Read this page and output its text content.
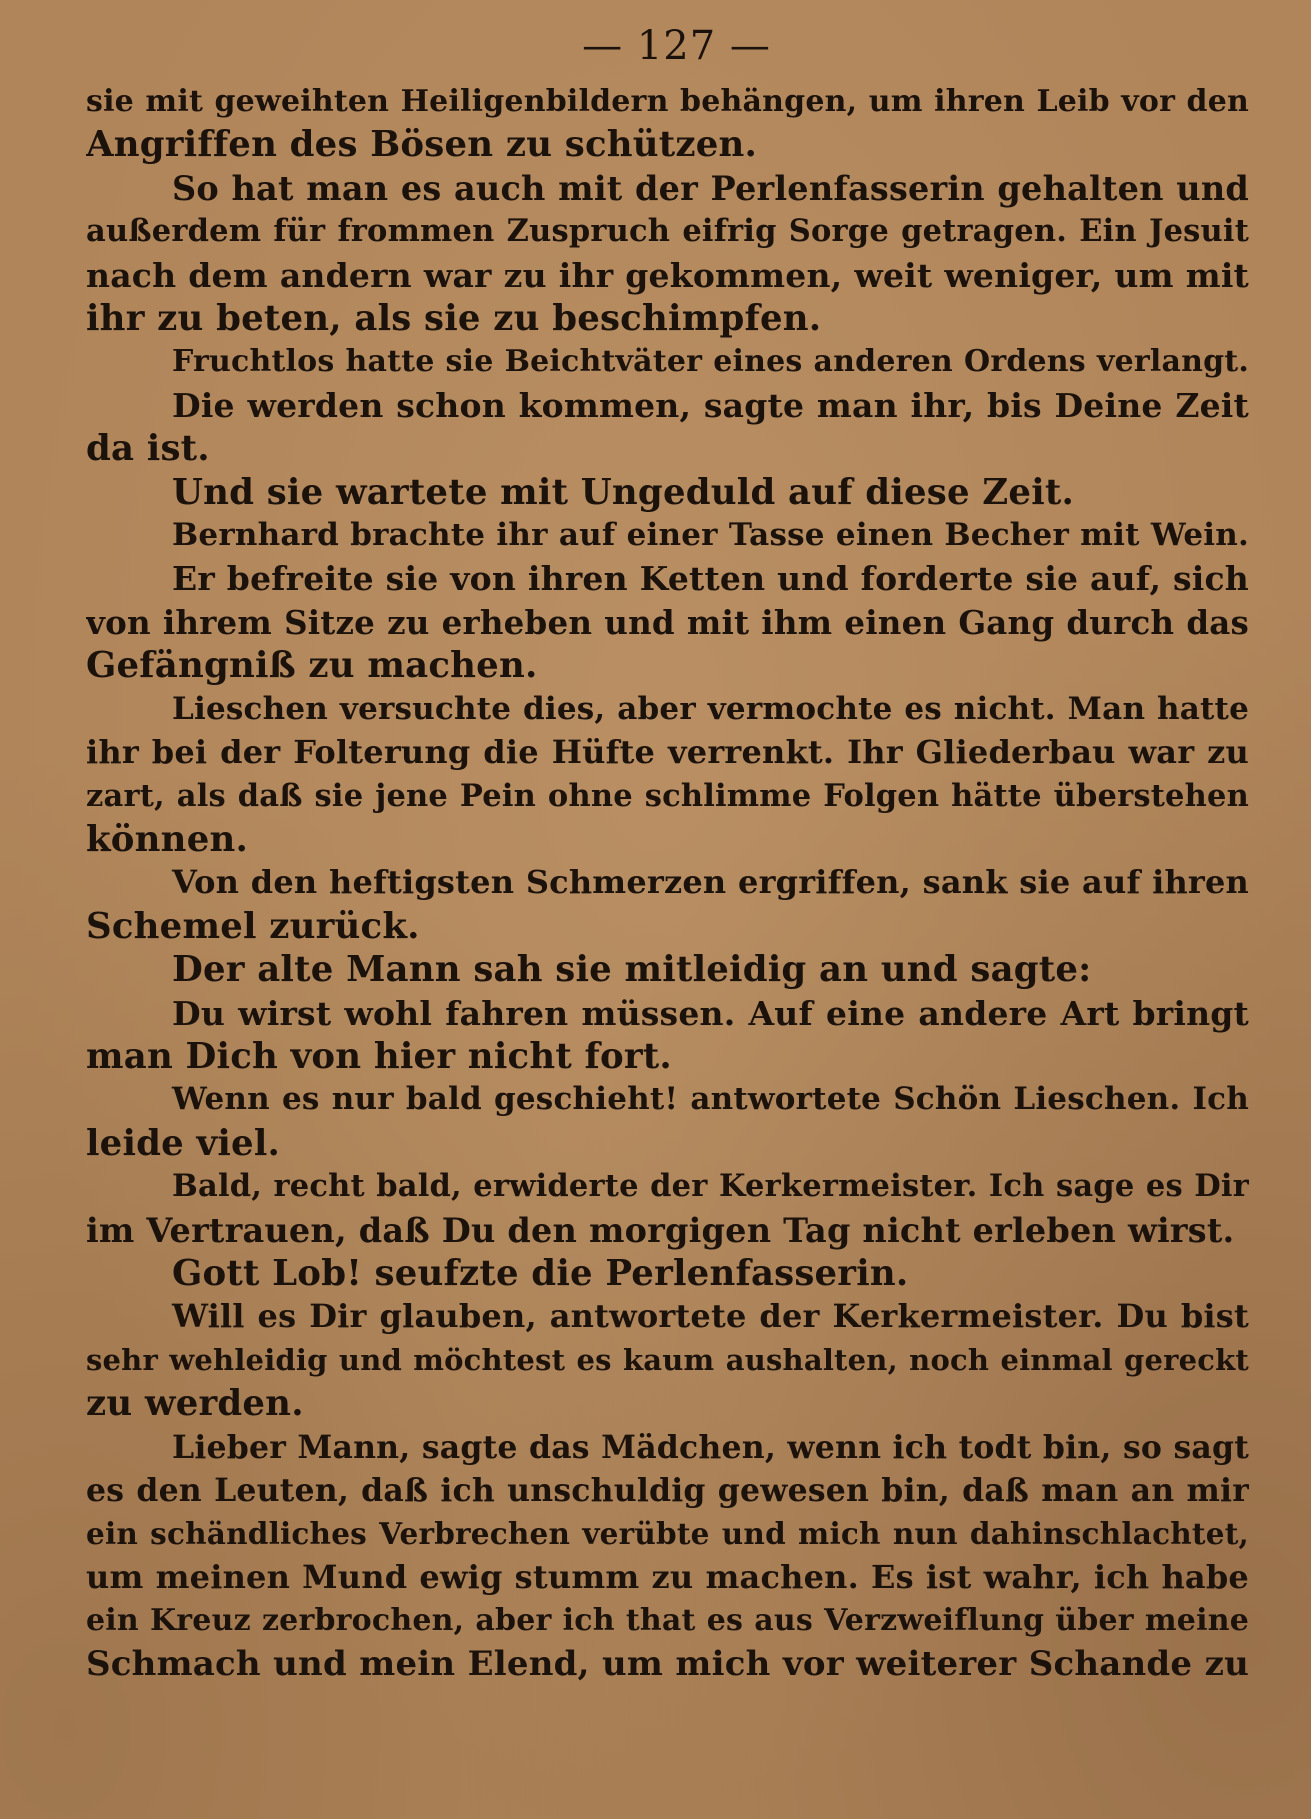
— 127 —
sie mit geweihten Heiligenbildern behängen, um ihren Leib vor den
Angriffen des Bösen zu schützen.
So hat man es auch mit der Perlenfasserin gehalten und
außerdem für frommen Zuspruch eifrig Sorge getragen. Ein Jesuit
nach dem andern war zu ihr gekommen, weit weniger, um mit
ihr zu beten, als sie zu beschimpfen.
Fruchtlos hatte sie Beichtväter eines anderen Ordens verlangt.
Die werden schon kommen, sagte man ihr, bis Deine Zeit
da ist.
Und sie wartete mit Ungeduld auf diese Zeit.
Bernhard brachte ihr auf einer Tasse einen Becher mit Wein.
Er befreite sie von ihren Ketten und forderte sie auf, sich
von ihrem Sitze zu erheben und mit ihm einen Gang durch das
Gefängniß zu machen.
Lieschen versuchte dies, aber vermochte es nicht. Man hatte
ihr bei der Folterung die Hüfte verrenkt. Ihr Gliederbau war zu
zart, als daß sie jene Pein ohne schlimme Folgen hätte überstehen
können.
Von den heftigsten Schmerzen ergriffen, sank sie auf ihren
Schemel zurück.
Der alte Mann sah sie mitleidig an und sagte:
Du wirst wohl fahren müssen. Auf eine andere Art bringt
man Dich von hier nicht fort.
Wenn es nur bald geschieht! antwortete Schön Lieschen. Ich
leide viel.
Bald, recht bald, erwiderte der Kerkermeister. Ich sage es Dir
im Vertrauen, daß Du den morgigen Tag nicht erleben wirst.
Gott Lob! seufzte die Perlenfasserin.
Will es Dir glauben, antwortete der Kerkermeister. Du bist
sehr wehleidig und möchtest es kaum aushalten, noch einmal gereckt
zu werden.
Lieber Mann, sagte das Mädchen, wenn ich todt bin, so sagt
es den Leuten, daß ich unschuldig gewesen bin, daß man an mir
ein schändliches Verbrechen verübte und mich nun dahinschlachtet,
um meinen Mund ewig stumm zu machen. Es ist wahr, ich habe
ein Kreuz zerbrochen, aber ich that es aus Verzweiflung über meine
Schmach und mein Elend, um mich vor weiterer Schande zu
